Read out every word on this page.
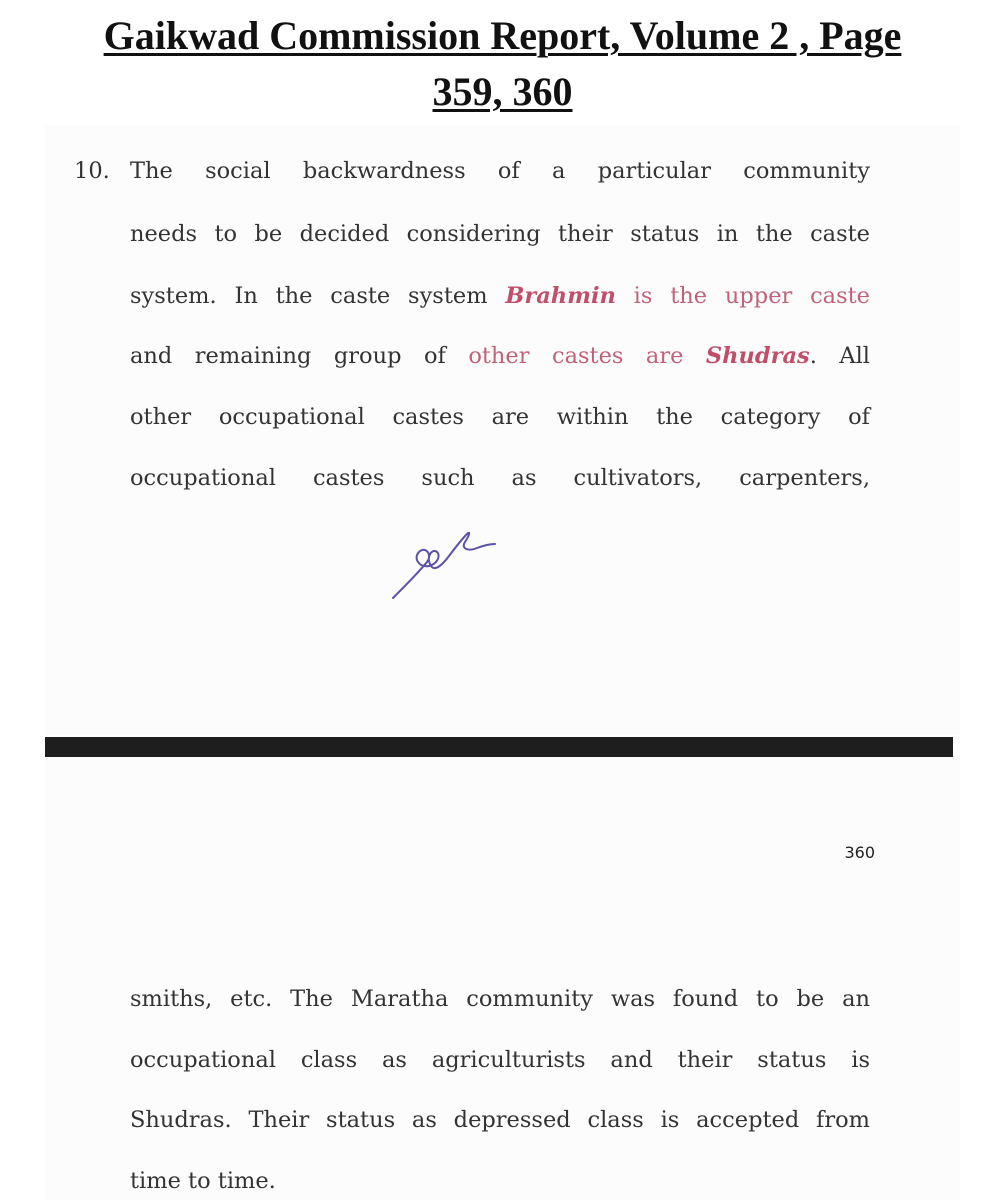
Gaikwad Commission Report, Volume 2 , Page
359, 360
10. The social backwardness of a particular community
needs to be decided considering their status in the caste
system. In the caste system Brahmin is the upper caste
and remaining group of other castes are Shudras. All
other occupational castes are within the category of
occupational castes such as cultivators, carpenters,
360
smiths, etc. The Maratha community was found to be an
occupational class as agriculturists and their status is
Shudras. Their status as depressed class is accepted from
time to time.
